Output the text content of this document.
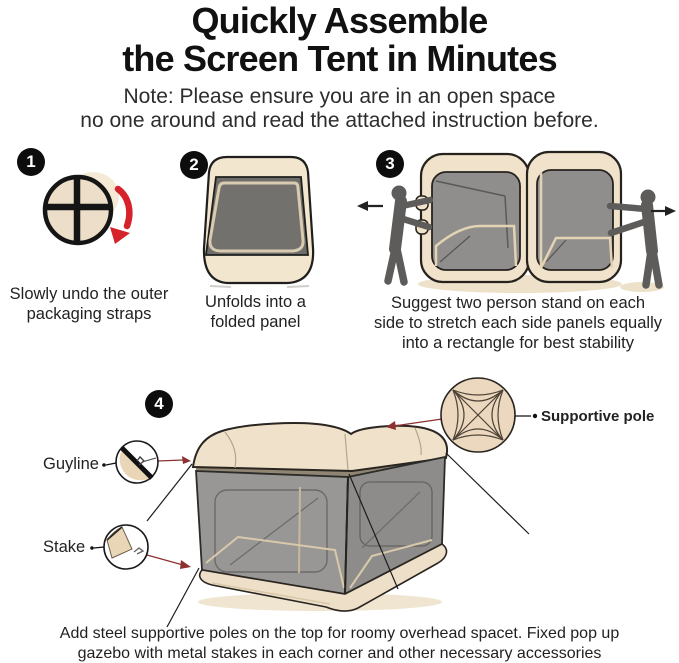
Quickly Assemble
the Screen Tent in Minutes
Note: Please ensure you are in an open space
no one around and read the attached instruction before.
1	2	3
4
Slowly undo the outer
packaging straps
Unfolds into a
folded panel
Suggest two person stand on each
side to stretch each side panels equally
into a rectangle for best stability
Guyline
Stake
Supportive pole
Add steel supportive poles on the top for roomy overhead spacet. Fixed pop up
gazebo with metal stakes in each corner and other necessary accessories
